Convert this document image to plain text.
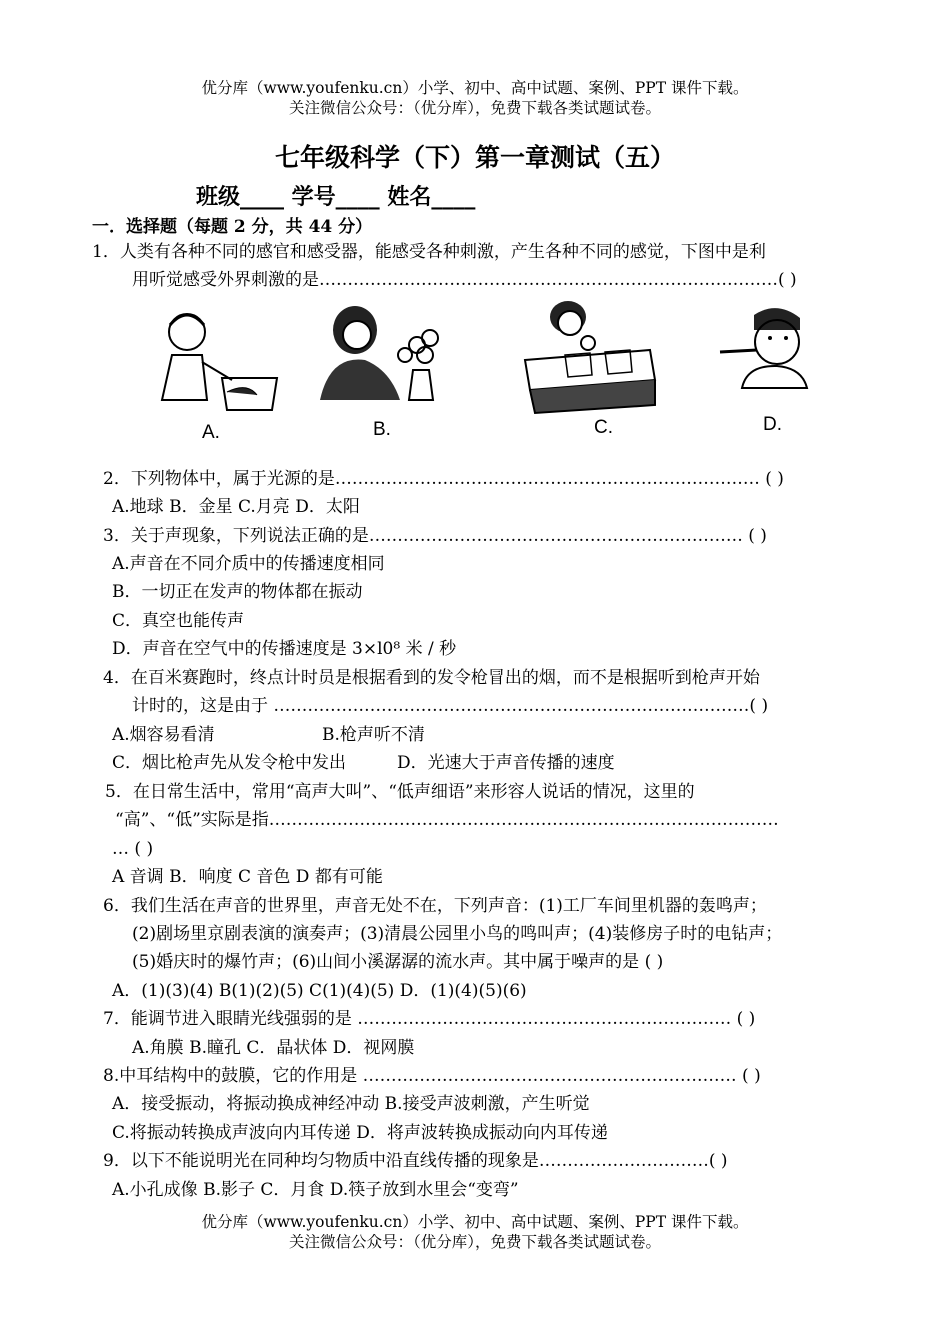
优分库（www.youfenku.cn）小学、初中、高中试题、案例、PPT 课件下载。
关注微信公众号：（优分库），免费下载各类试题试卷。
七年级科学（下）第一章测试（五）
班级____ 学号____ 姓名____
一．选择题（每题 2 分，共 44 分）
1．人类有各种不同的感官和感受器，能感受各种刺激，产生各种不同的感觉，下图中是利
用听觉感受外界刺激的是………………………………………………………………………( )
A.	B.	C.	D.
2．下列物体中，属于光源的是………………………………………………………………… ( )
A.地球 B．金星 C.月亮 D．太阳
3．关于声现象，下列说法正确的是………………………………………………………… ( )
A.声音在不同介质中的传播速度相同
B．一切正在发声的物体都在振动
C．真空也能传声
D．声音在空气中的传播速度是 3×l0⁸ 米 / 秒
4．在百米赛跑时，终点计时员是根据看到的发令枪冒出的烟，而不是根据听到枪声开始
计时的，这是由于 …………………………………………………………………………( )
A.烟容易看清	B.枪声听不清
C．烟比枪声先从发令枪中发出	D．光速大于声音传播的速度
5．在日常生活中，常用“高声大叫”、“低声细语”来形容人说话的情况，这里的
“高”、“低”实际是指………………………………………………………………………………
… ( )
A 音调 B．响度 C 音色 D 都有可能
6．我们生活在声音的世界里，声音无处不在，下列声音：(1)工厂车间里机器的轰鸣声；
(2)剧场里京剧表演的演奏声；(3)清晨公园里小鸟的鸣叫声；(4)装修房子时的电钻声；
(5)婚庆时的爆竹声；(6)山间小溪潺潺的流水声。其中属于噪声的是 ( )
A．(1)(3)(4) B(1)(2)(5) C(1)(4)(5) D．(1)(4)(5)(6)
7．能调节进入眼睛光线强弱的是 ………………………………………………………… ( )
A.角膜 B.瞳孔 C．晶状体 D．视网膜
8.中耳结构中的鼓膜，它的作用是 ………………………………………………………… ( )
A．接受振动，将振动换成神经冲动 B.接受声波刺激，产生听觉
C.将振动转换成声波向内耳传递 D．将声波转换成振动向内耳传递
9．以下不能说明光在同种均匀物质中沿直线传播的现象是…………………………( )
A.小孔成像 B.影子 C．月食 D.筷子放到水里会“变弯”
优分库（www.youfenku.cn）小学、初中、高中试题、案例、PPT 课件下载。
关注微信公众号：（优分库），免费下载各类试题试卷。
